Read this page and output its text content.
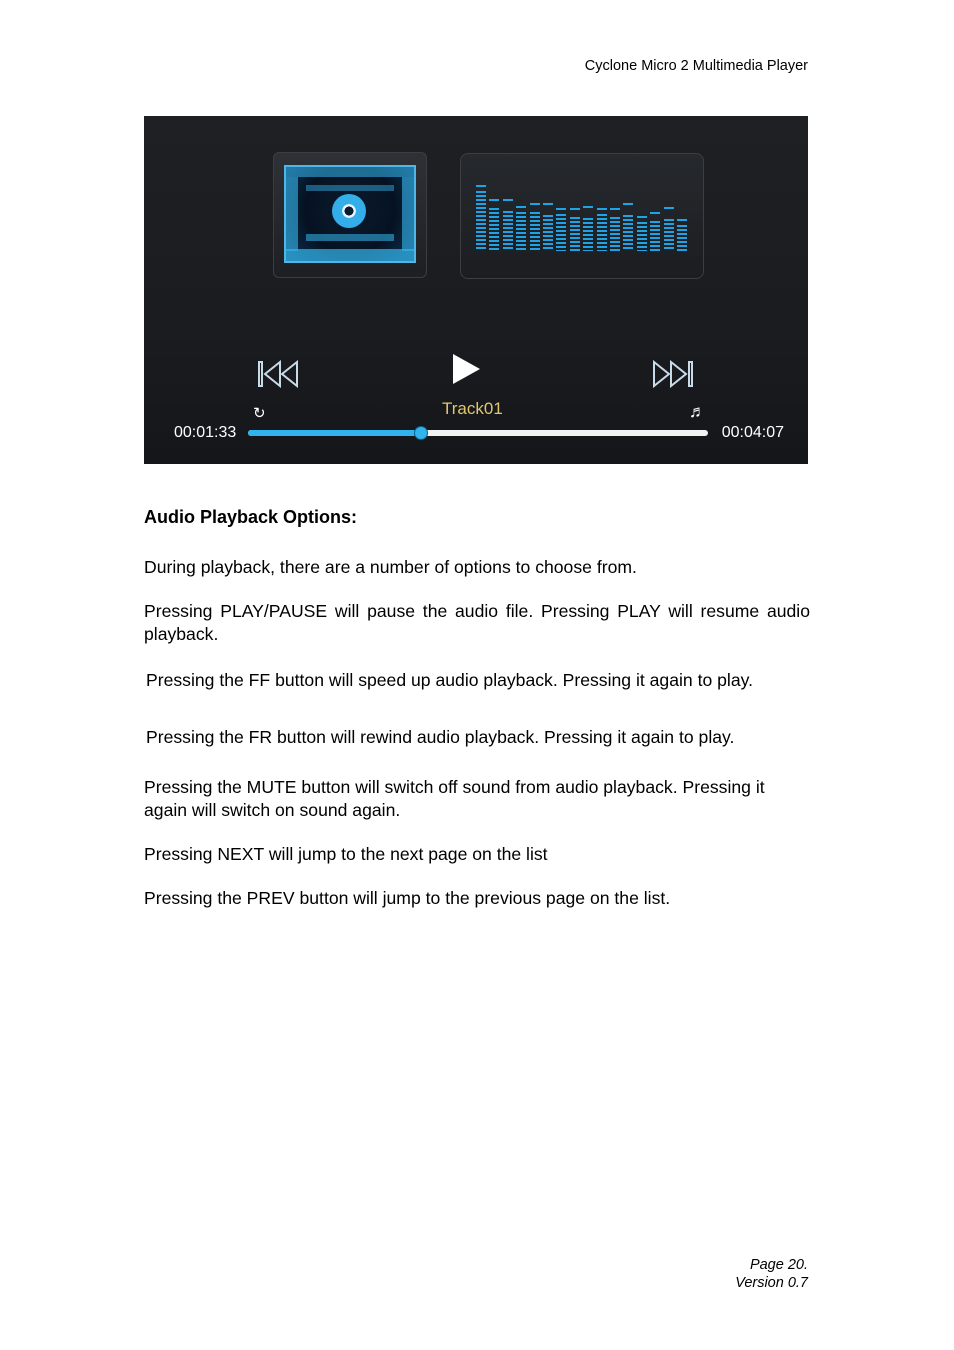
Cyclone Micro 2 Multimedia Player
↻	Track01	♬
00:01:33	00:04:07
Audio Playback Options:
During playback, there are a number of options to choose from.
Pressing PLAY/PAUSE will pause the audio file. Pressing PLAY will resume audio playback.
Pressing the FF button will speed up audio playback. Pressing it again to play.
Pressing the FR button will rewind audio playback. Pressing it again to play.
Pressing the MUTE button will switch off sound from audio playback. Pressing it again will switch on sound again.
Pressing NEXT will jump to the next page on the list
Pressing the PREV button will jump to the previous page on the list.
Page 20.
Version 0.7
